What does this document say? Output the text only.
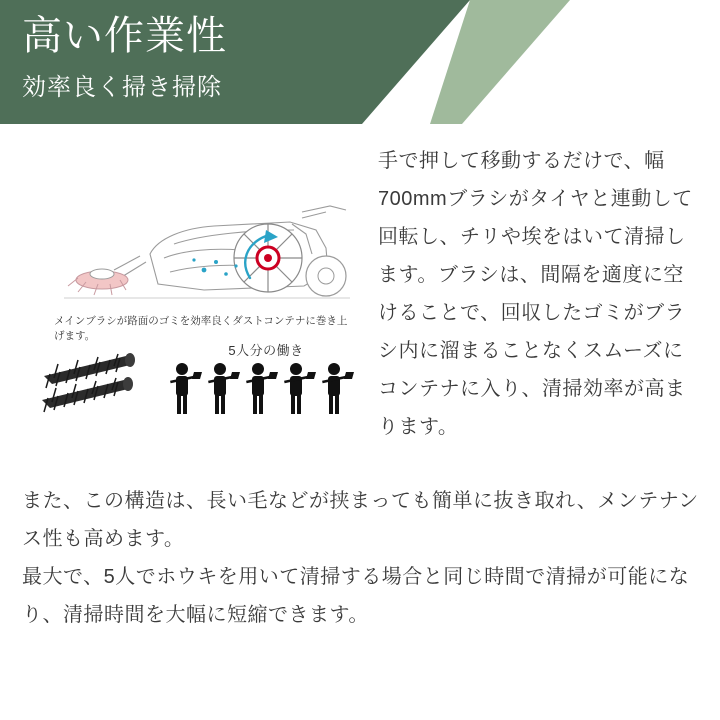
高い作業性
効率良く掃き掃除
手で押して移動するだけで、幅700mmブラシがタイヤと連動して回転し、チリや埃をはいて清掃します。ブラシは、間隔を適度に空けることで、回収したゴミがブラシ内に溜まることなくスムーズにコンテナに入り、清掃効率が高まります。
メインブラシが路面のゴミを効率良くダストコンテナに巻き上げます。
5人分の働き

また、この構造は、長い毛などが挟まっても簡単に抜き取れ、メンテナンス性も高めます。

最大で、5人でホウキを用いて清掃する場合と同じ時間で清掃が可能になり、清掃時間を大幅に短縮できます。
